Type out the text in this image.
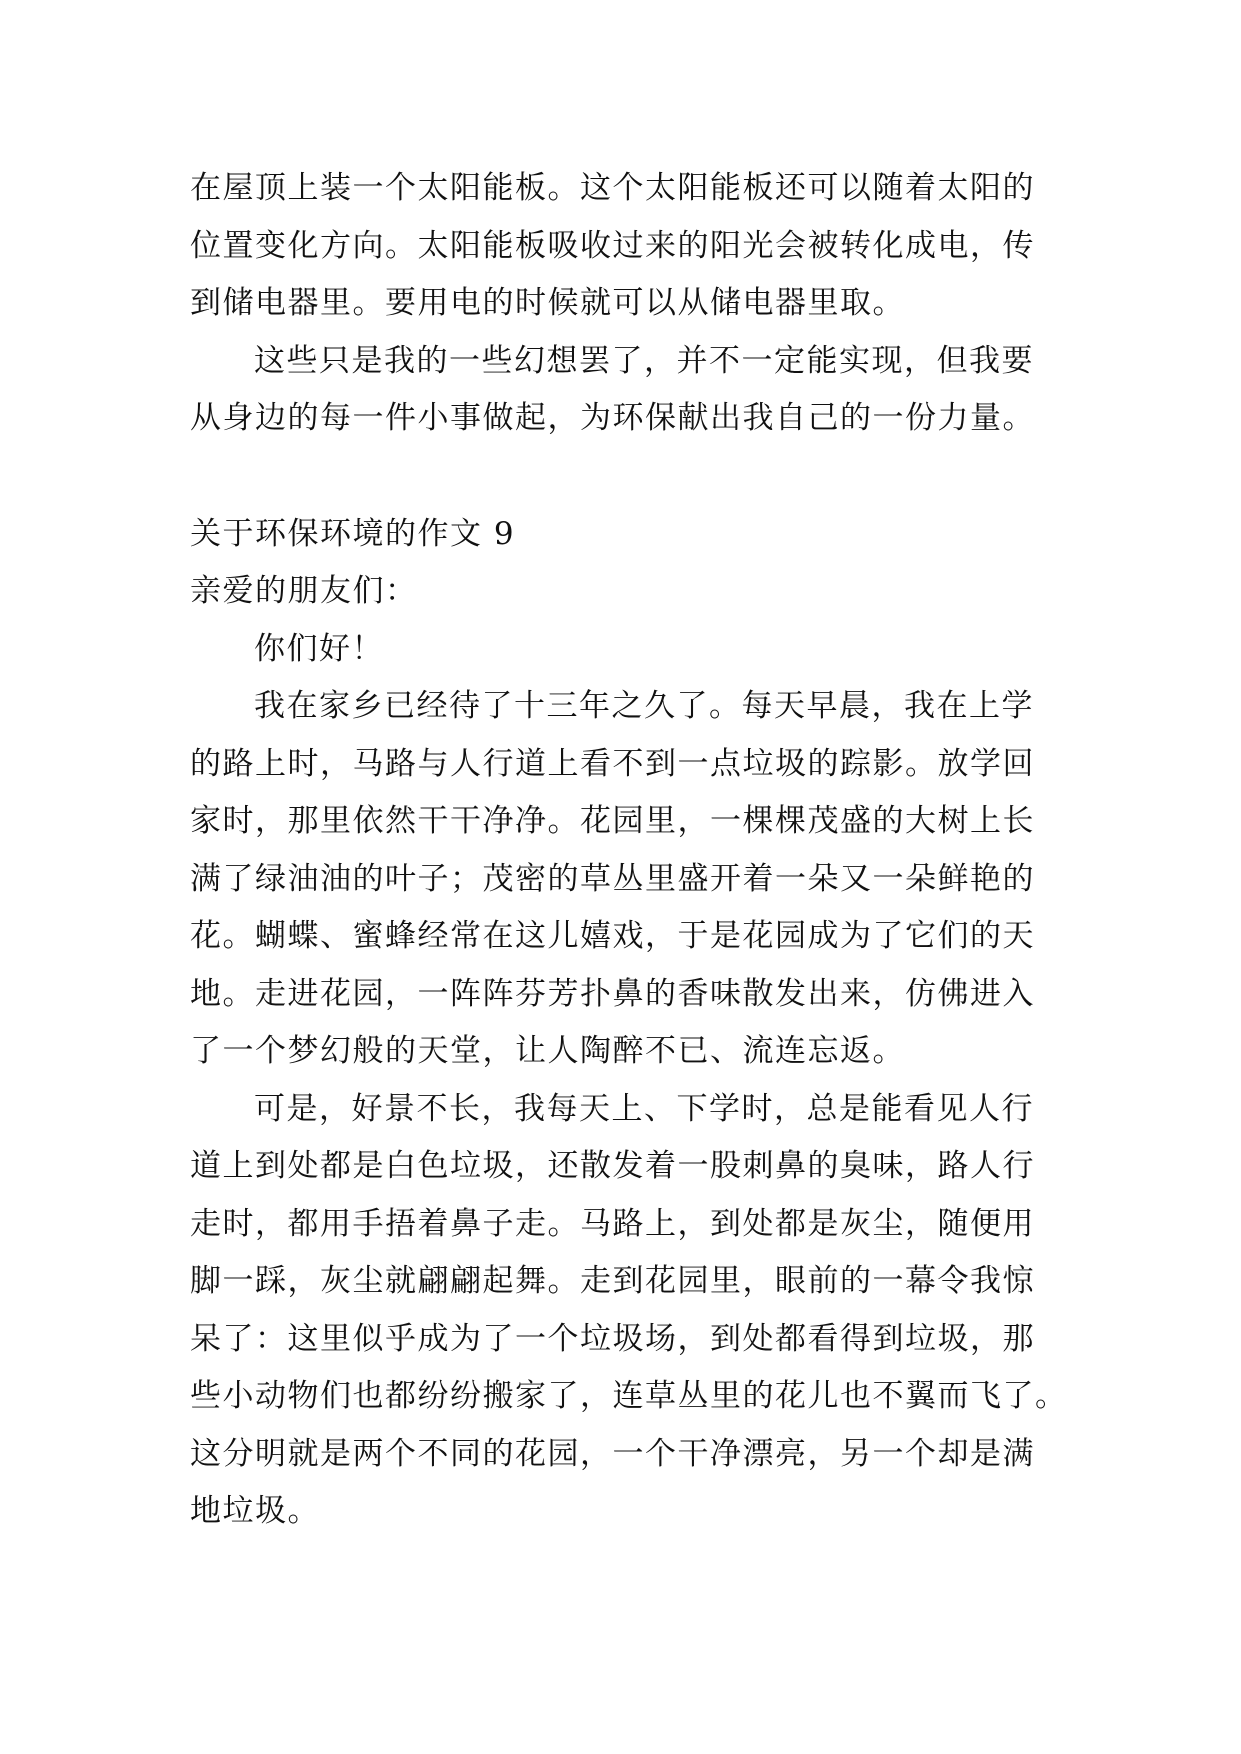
在屋顶上装一个太阳能板。这个太阳能板还可以随着太阳的
位置变化方向。太阳能板吸收过来的阳光会被转化成电，传
到储电器里。要用电的时候就可以从储电器里取。
这些只是我的一些幻想罢了，并不一定能实现，但我要
从身边的每一件小事做起，为环保献出我自己的一份力量。
关于环保环境的作文 9
亲爱的朋友们：
你们好！
我在家乡已经待了十三年之久了。每天早晨，我在上学
的路上时，马路与人行道上看不到一点垃圾的踪影。放学回
家时，那里依然干干净净。花园里，一棵棵茂盛的大树上长
满了绿油油的叶子；茂密的草丛里盛开着一朵又一朵鲜艳的
花。蝴蝶、蜜蜂经常在这儿嬉戏，于是花园成为了它们的天
地。走进花园，一阵阵芬芳扑鼻的香味散发出来，仿佛进入
了一个梦幻般的天堂，让人陶醉不已、流连忘返。
可是，好景不长，我每天上、下学时，总是能看见人行
道上到处都是白色垃圾，还散发着一股刺鼻的臭味，路人行
走时，都用手捂着鼻子走。马路上，到处都是灰尘，随便用
脚一踩，灰尘就翩翩起舞。走到花园里，眼前的一幕令我惊
呆了：这里似乎成为了一个垃圾场，到处都看得到垃圾，那
些小动物们也都纷纷搬家了，连草丛里的花儿也不翼而飞了。
这分明就是两个不同的花园，一个干净漂亮，另一个却是满
地垃圾。
